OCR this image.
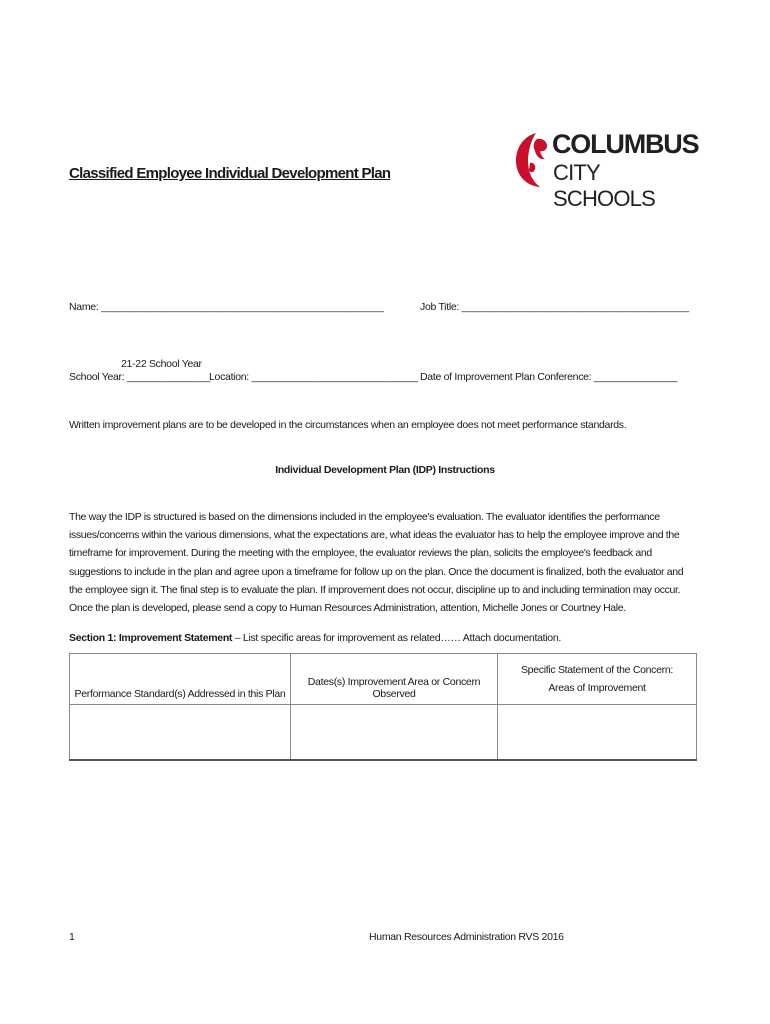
Classified Employee Individual Development Plan
COLUMBUS
CITY SCHOOLS
Name: ___________________________________________________	Job Title: _________________________________________
21-22 School Year
School Year: _______________
Location: ______________________________ Date of Improvement Plan Conference: _______________
Written improvement plans are to be developed in the circumstances when an employee does not meet performance standards.
Individual Development Plan (IDP) Instructions
The way the IDP is structured is based on the dimensions included in the employee's evaluation. The evaluator identifies the performance issues/concerns within the various dimensions, what the expectations are, what ideas the evaluator has to help the employee improve and the timeframe for improvement. During the meeting with the employee, the evaluator reviews the plan, solicits the employee's feedback and suggestions to include in the plan and agree upon a timeframe for follow up on the plan. Once the document is finalized, both the evaluator and the employee sign it. The final step is to evaluate the plan. If improvement does not occur, discipline up to and including termination may occur. Once the plan is developed, please send a copy to Human Resources Administration, attention, Michelle Jones or Courtney Hale.
Section 1: Improvement Statement – List specific areas for improvement as related…… Attach documentation.
Performance Standard(s) Addressed in this Plan	Dates(s) Improvement Area or Concern Observed	Specific Statement of the Concern: Areas of Improvement

1	Human Resources Administration RVS 2016
